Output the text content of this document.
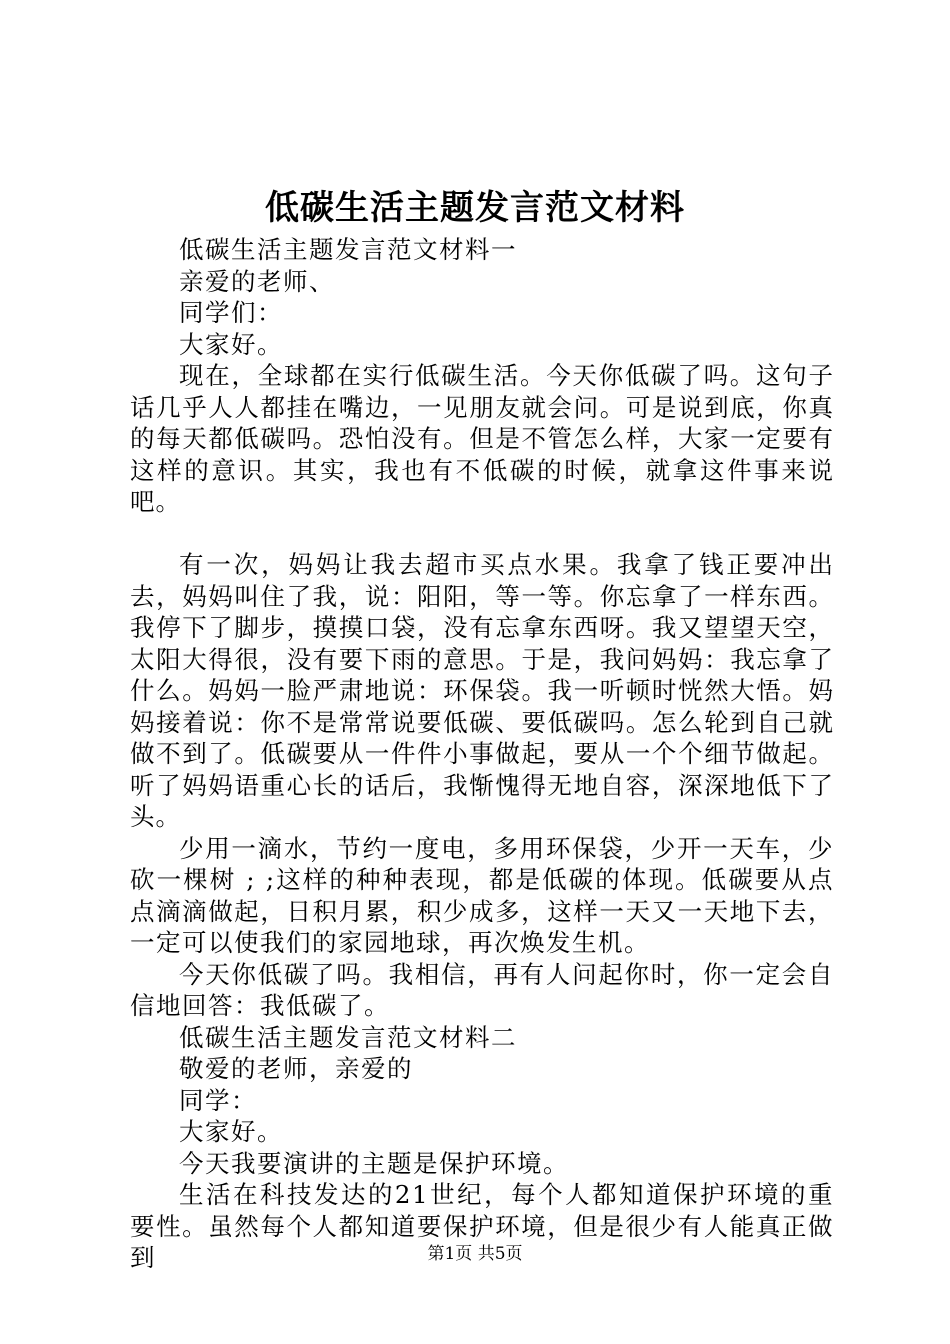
低碳生活主题发言范文材料

低碳生活主题发言范文材料一

亲爱的老师、

同学们：

大家好。

现在，全球都在实行低碳生活。今天你低碳了吗。这句子话几乎人人都挂在嘴边，一见朋友就会问。可是说到底，你真的每天都低碳吗。恐怕没有。但是不管怎么样，大家一定要有这样的意识。其实，我也有不低碳的时候，就拿这件事来说吧。

有一次，妈妈让我去超市买点水果。我拿了钱正要冲出去，妈妈叫住了我，说：阳阳，等一等。你忘拿了一样东西。我停下了脚步，摸摸口袋，没有忘拿东西呀。我又望望天空，太阳大得很，没有要下雨的意思。于是，我问妈妈：我忘拿了什么。妈妈一脸严肃地说：环保袋。我一听顿时恍然大悟。妈妈接着说：你不是常常说要低碳、要低碳吗。怎么轮到自己就做不到了。低碳要从一件件小事做起，要从一个个细节做起。听了妈妈语重心长的话后，我惭愧得无地自容，深深地低下了头。

少用一滴水，节约一度电，多用环保袋，少开一天车，少砍一棵树 ; ;这样的种种表现，都是低碳的体现。低碳要从点点滴滴做起，日积月累，积少成多，这样一天又一天地下去，一定可以使我们的家园地球，再次焕发生机。

今天你低碳了吗。我相信，再有人问起你时，你一定会自信地回答：我低碳了。

低碳生活主题发言范文材料二

敬爱的老师，亲爱的

同学：

大家好。

今天我要演讲的主题是保护环境。

生活在科技发达的21世纪，每个人都知道保护环境的重要性。虽然每个人都知道要保护环境，但是很少有人能真正做到	第1页 共5页
